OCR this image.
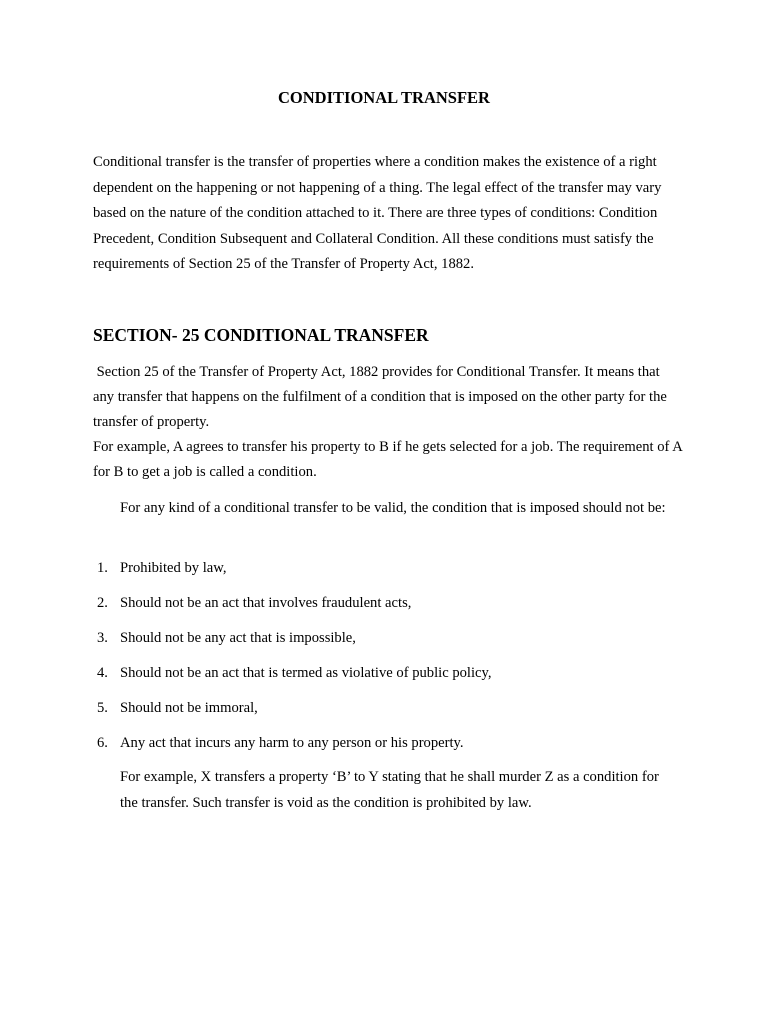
CONDITIONAL TRANSFER

Conditional transfer is the transfer of properties where a condition makes the existence of a right dependent on the happening or not happening of a thing. The legal effect of the transfer may vary based on the nature of the condition attached to it. There are three types of conditions: Condition Precedent, Condition Subsequent and Collateral Condition. All these conditions must satisfy the requirements of Section 25 of the Transfer of Property Act, 1882.

SECTION- 25 CONDITIONAL TRANSFER

Section 25 of the Transfer of Property Act, 1882 provides for Conditional Transfer. It means that any transfer that happens on the fulfilment of a condition that is imposed on the other party for the transfer of property.

For example, A agrees to transfer his property to B if he gets selected for a job. The requirement of A for B to get a job is called a condition.

For any kind of a conditional transfer to be valid, the condition that is imposed should not be:

1. Prohibited by law,
2. Should not be an act that involves fraudulent acts,
3. Should not be any act that is impossible,
4. Should not be an act that is termed as violative of public policy,
5. Should not be immoral,
6. Any act that incurs any harm to any person or his property.

For example, X transfers a property ‘B’ to Y stating that he shall murder Z as a condition for the transfer. Such transfer is void as the condition is prohibited by law.
